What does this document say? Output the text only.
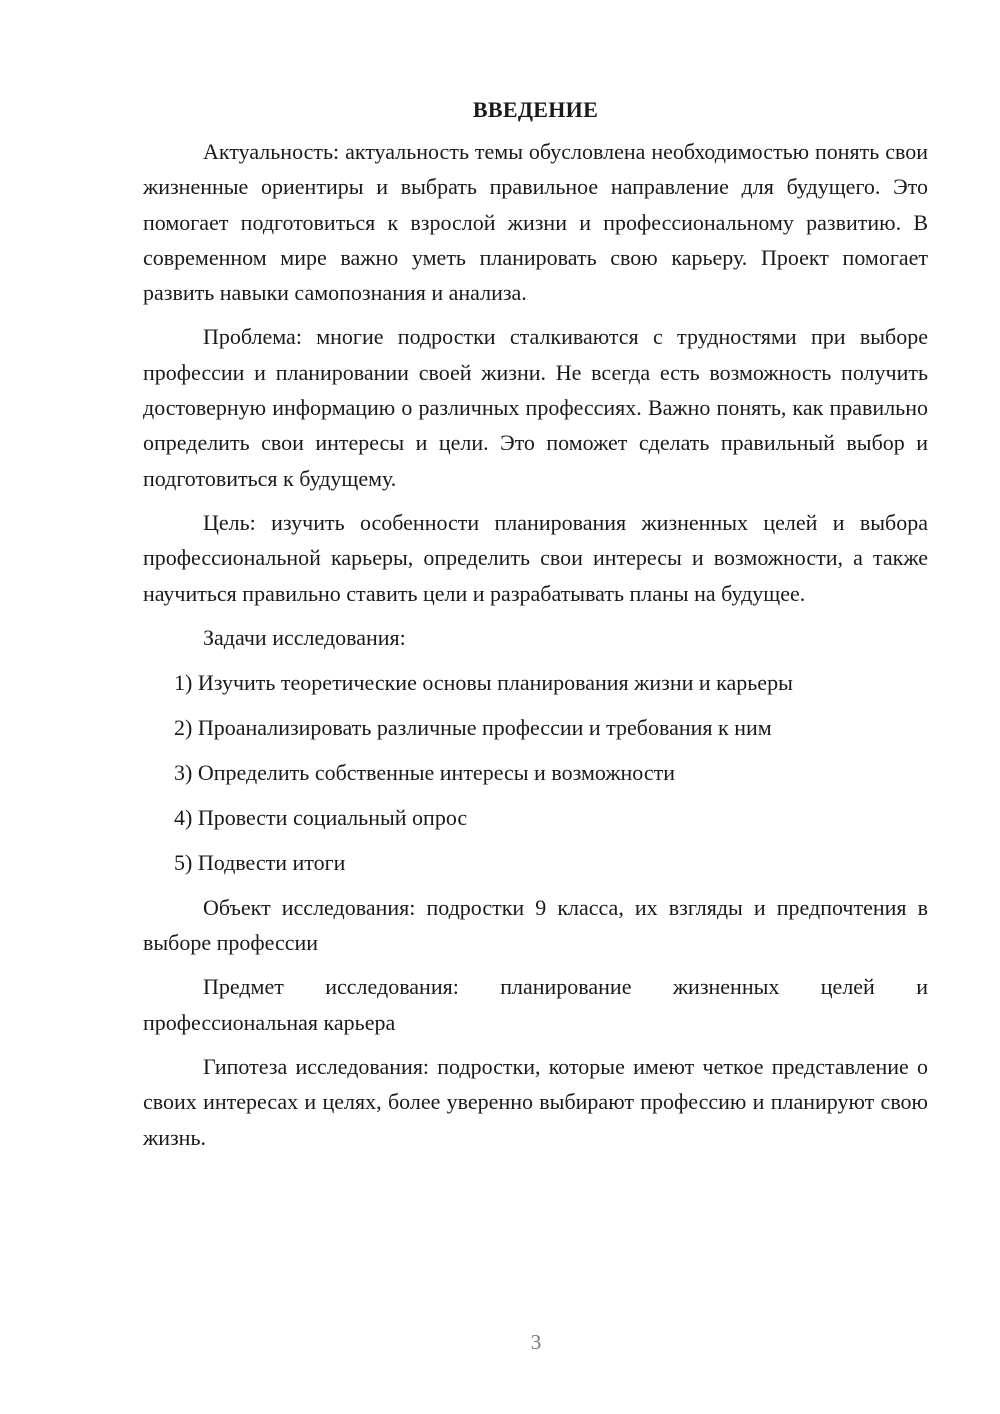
ВВЕДЕНИЕ

Актуальность: актуальность темы обусловлена необходимостью понять свои жизненные ориентиры и выбрать правильное направление для будущего. Это помогает подготовиться к взрослой жизни и профессиональному развитию. В современном мире важно уметь планировать свою карьеру. Проект помогает развить навыки самопознания и анализа.

Проблема: многие подростки сталкиваются с трудностями при выборе профессии и планировании своей жизни. Не всегда есть возможность получить достоверную информацию о различных профессиях. Важно понять, как правильно определить свои интересы и цели. Это поможет сделать правильный выбор и подготовиться к будущему.

Цель: изучить особенности планирования жизненных целей и выбора профессиональной карьеры, определить свои интересы и возможности, а также научиться правильно ставить цели и разрабатывать планы на будущее.

Задачи исследования:

1) Изучить теоретические основы планирования жизни и карьеры
2) Проанализировать различные профессии и требования к ним
3) Определить собственные интересы и возможности
4) Провести социальный опрос
5) Подвести итоги

Объект исследования: подростки 9 класса, их взгляды и предпочтения в выборе профессии

Предмет исследования: планирование жизненных целей и профессиональная карьера

Гипотеза исследования: подростки, которые имеют четкое представление о своих интересах и целях, более уверенно выбирают профессию и планируют свою жизнь.

3
